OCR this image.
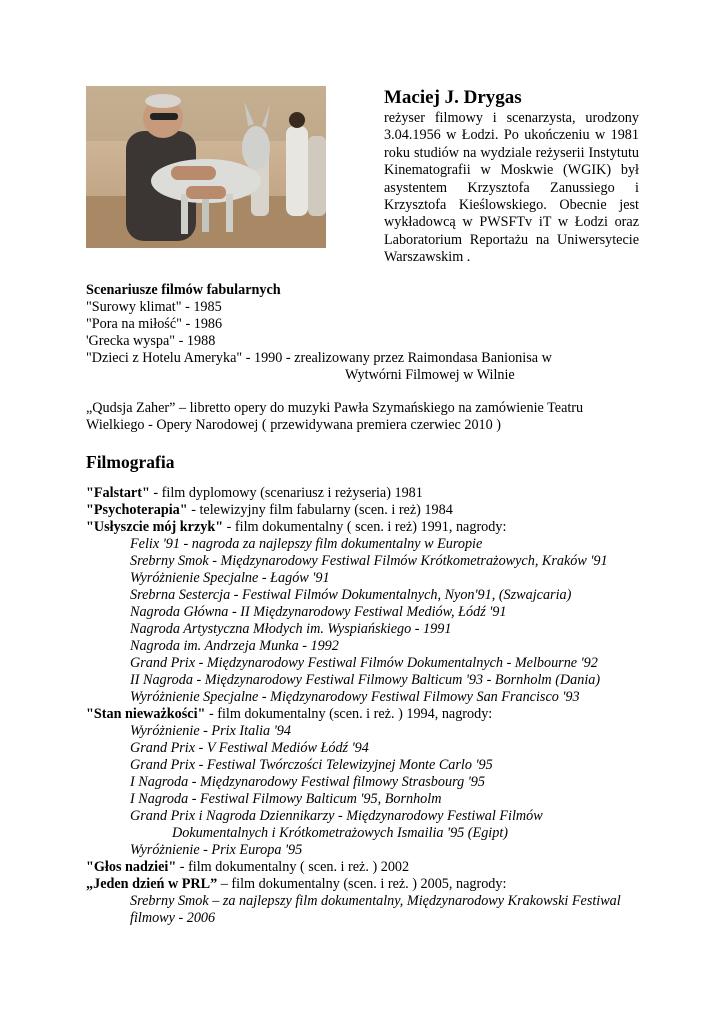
Maciej J. Drygas

reżyser filmowy i scenarzysta, urodzony 3.04.1956 w Łodzi. Po ukończeniu w 1981 roku studiów na wydziale reżyserii Instytutu Kinematografii w Moskwie (WGIK) był asystentem Krzysztofa Zanussiego i Krzysztofa Kieślowskiego. Obecnie jest wykładowcą w PWSFTv iT w Łodzi oraz Laboratorium Reportażu na Uniwersytecie Warszawskim .

Scenariusze filmów fabularnych
"Surowy klimat" - 1985
"Pora na miłość" - 1986
'Grecka wyspa" - 1988
"Dzieci z Hotelu Ameryka" - 1990 - zrealizowany przez Raimondasa Banionisa w
Wytwórni Filmowej w Wilnie
„Qudsja Zaher” – libretto opery do muzyki Pawła Szymańskiego na zamówienie Teatru
Wielkiego - Opery Narodowej ( przewidywana premiera czerwiec 2010 )
Filmografia
"Falstart" - film dyplomowy (scenariusz i reżyseria) 1981
"Psychoterapia" - telewizyjny film fabularny (scen. i reż) 1984
"Usłyszcie mój krzyk" - film dokumentalny ( scen. i reż) 1991, nagrody:
Felix '91 - nagroda za najlepszy film dokumentalny w Europie
Srebrny Smok - Międzynarodowy Festiwal Filmów Krótkometrażowych, Kraków '91
Wyróżnienie Specjalne - Łagów '91
Srebrna Sestercja - Festiwal Filmów Dokumentalnych, Nyon'91, (Szwajcaria)
Nagroda Główna - II Międzynarodowy Festiwal Mediów, Łódź '91
Nagroda Artystyczna Młodych im. Wyspiańskiego - 1991
Nagroda im. Andrzeja Munka - 1992
Grand Prix - Międzynarodowy Festiwal Filmów Dokumentalnych - Melbourne '92
II Nagroda - Międzynarodowy Festiwal Filmowy Balticum '93 - Bornholm (Dania)
Wyróżnienie Specjalne - Międzynarodowy Festiwal Filmowy San Francisco '93
"Stan nieważkości" - film dokumentalny (scen. i reż. ) 1994, nagrody:
Wyróżnienie - Prix Italia '94
Grand Prix - V Festiwal Mediów Łódź '94
Grand Prix - Festiwal Twórczości Telewizyjnej Monte Carlo '95
I Nagroda - Międzynarodowy Festiwal filmowy Strasbourg '95
I Nagroda - Festiwal Filmowy Balticum '95, Bornholm
Grand Prix i Nagroda Dziennikarzy - Międzynarodowy Festiwal Filmów
Dokumentalnych i Krótkometrażowych Ismailia '95 (Egipt)
Wyróżnienie - Prix Europa '95
"Głos nadziei" - film dokumentalny ( scen. i reż. ) 2002
„Jeden dzień w PRL” – film dokumentalny (scen. i reż. ) 2005, nagrody:
Srebrny Smok – za najlepszy film dokumentalny, Międzynarodowy Krakowski Festiwal
filmowy - 2006
